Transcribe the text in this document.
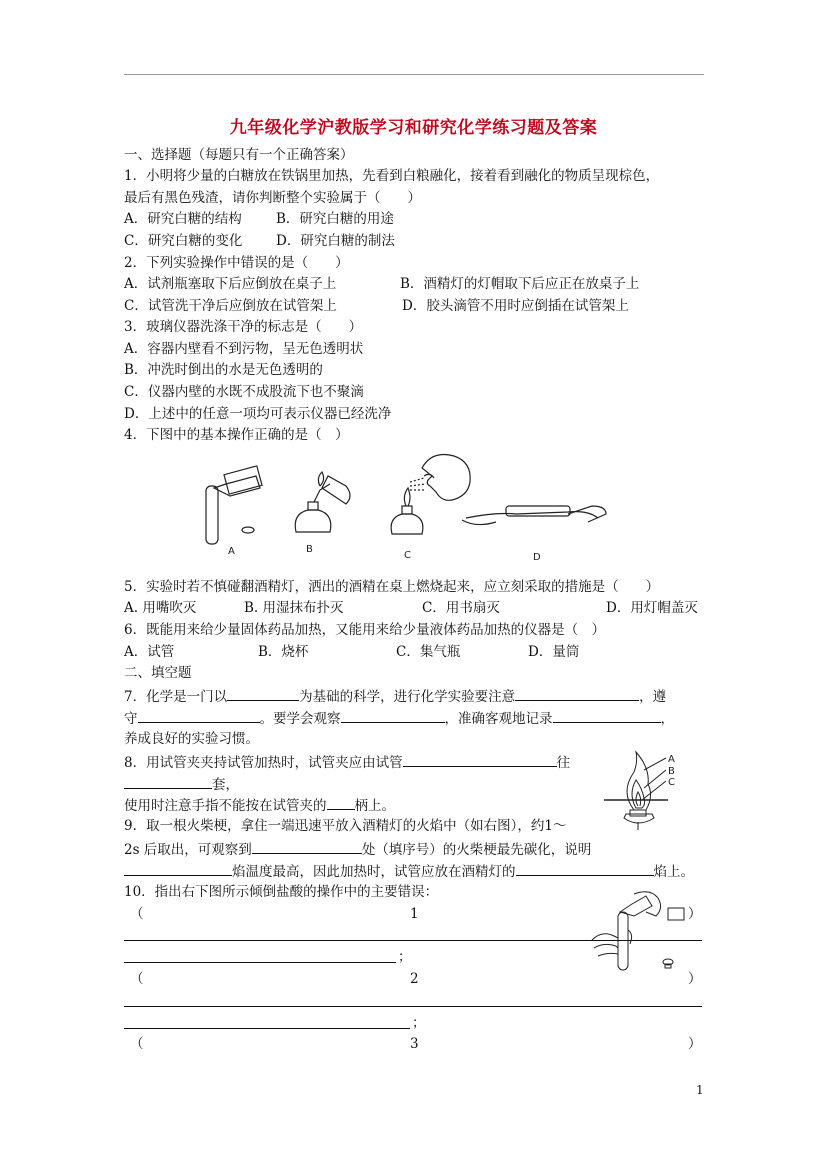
九年级化学沪教版学习和研究化学练习题及答案
一、选择题（每题只有一个正确答案）
1．小明将少量的白糖放在铁锅里加热，先看到白粮融化，接着看到融化的物质呈现棕色，
最后有黑色残渣，请你判断整个实验属于（　　）
A．研究白糖的结构	B．研究白糖的用途
C．研究白糖的变化 D．研究白糖的制法
2．下列实验操作中错误的是（　　）
A．试剂瓶塞取下后应倒放在桌子上	B．酒精灯的灯帽取下后应正在放桌子上
C．试管洗干净后应倒放在试管架上	D．胶头滴管不用时应倒插在试管架上
3．玻璃仪器洗涤干净的标志是（　　）
A．容器内壁看不到污物，呈无色透明状
B．冲洗时倒出的水是无色透明的
C．仪器内壁的水既不成股流下也不聚滴
D．上述中的任意一项均可表示仪器已经洗净
4．下图中的基本操作正确的是（　）
A	B
C	D
5．实验时若不慎碰翻酒精灯，洒出的酒精在桌上燃烧起来，应立刻采取的措施是（　　）
A. 用嘴吹灭	B. 用湿抹布扑灭	C．用书扇灭	D．用灯帽盖灭
6．既能用来给少量固体药品加热，又能用来给少量液体药品加热的仪器是（　）
A．试管	B．烧杯	C．集气瓶	D．量筒
二、填空题
7．化学是一门以	为基础的科学，进行化学实验要注意	，遵
守	。要学会观察	，准确客观地记录	，
养成良好的实验习惯。
8．用试管夹夹持试管加热时，试管夹应由试管	往
套，
使用时注意手指不能按在试管夹的 柄上。
A
B
C
9．取一根火柴梗，拿住一端迅速平放入酒精灯的火焰中（如右图），约1～
2s 后取出，可观察到	处（填序号）的火柴梗最先碳化，说明
焰温度最高，因此加热时，试管应放在酒精灯的	焰上。
10．指出右下图所示倾倒盐酸的操作中的主要错误：
（	1	）
；
（	2	）
；
（	3	）
1
